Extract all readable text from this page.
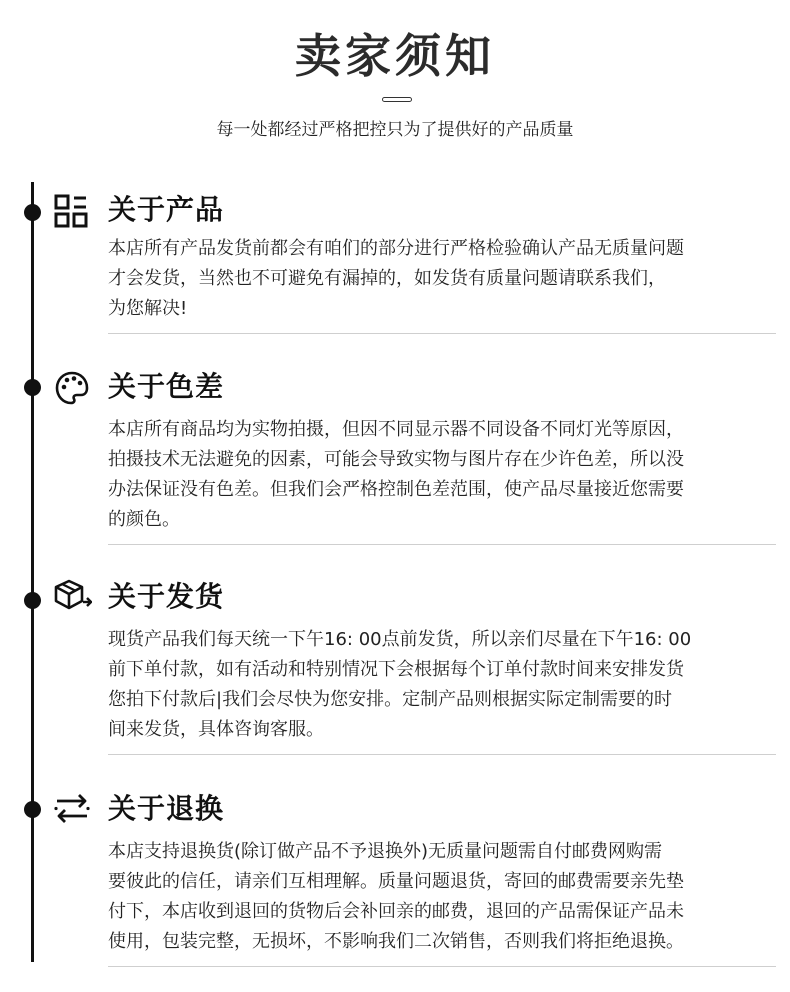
卖家须知
每一处都经过严格把控只为了提供好的产品质量
关于产品
本店所有产品发货前都会有咱们的部分进行严格检验确认产品无质量问题
才会发货，当然也不可避免有漏掉的，如发货有质量问题请联系我们，
为您解决!
关于色差
本店所有商品均为实物拍摄，但因不同显示器不同设备不同灯光等原因，
拍摄技术无法避免的因素，可能会导致实物与图片存在少许色差，所以没
办法保证没有色差。但我们会严格控制色差范围，使产品尽量接近您需要
的颜色。
关于发货
现货产品我们每天统一下午16: 00点前发货，所以亲们尽量在下午16: 00
前下单付款，如有活动和特别情况下会根据每个订单付款时间来安排发货
您拍下付款后|我们会尽快为您安排。定制产品则根据实际定制需要的时
间来发货，具体咨询客服。
关于退换
本店支持退换货(除订做产品不予退换外)无质量问题需自付邮费网购需
要彼此的信任，请亲们互相理解。质量问题退货，寄回的邮费需要亲先垫
付下，本店收到退回的货物后会补回亲的邮费，退回的产品需保证产品未
使用，包装完整，无损坏，不影响我们二次销售，否则我们将拒绝退换。
